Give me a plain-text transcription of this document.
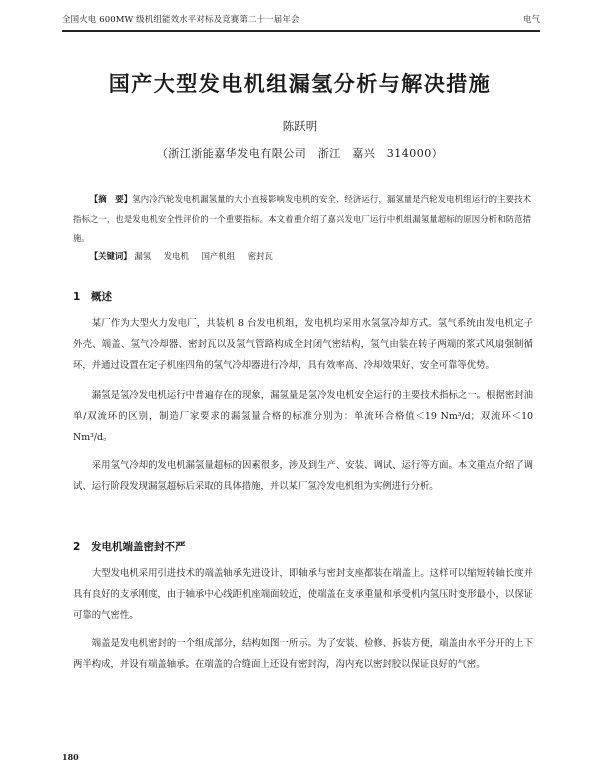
全国火电 600MW 级机组能效水平对标及竞赛第二十一届年会	电气
国产大型发电机组漏氢分析与解决措施
陈跃明
（浙江浙能嘉华发电有限公司　浙江　嘉兴　314000）
【摘　要】氢内冷汽轮发电机漏氢量的大小直接影响发电机的安全、经济运行，漏氢量是汽轮发电机组运行的主要技术指标之一，也是发电机安全性评价的一个重要指标。本文着重介绍了嘉兴发电厂运行中机组漏氢量超标的原因分析和防范措施。
【关键词】 漏氢 发电机 国产机组 密封瓦
1 概述
某厂作为大型火力发电厂，共装机 8 台发电机组，发电机均采用水氢氢冷却方式。氢气系统由发电机定子外壳、端盖、氢气冷却器、密封瓦以及氢气管路构成全封闭气密结构，氢气由装在转子两端的浆式风扇强制循环，并通过设置在定子机座四角的氢气冷却器进行冷却，具有效率高、冷却效果好、安全可靠等优势。
漏氢是氢冷发电机运行中普遍存在的现象，漏氢量是氢冷发电机安全运行的主要技术指标之一。根据密封油单/双流环的区别，制造厂家要求的漏氢量合格的标准分别为：单流环合格值＜19 Nm³/d；双流环＜10 Nm³/d。
采用氢气冷却的发电机漏氢量超标的因素很多，涉及到生产、安装、调试、运行等方面。本文重点介绍了调试、运行阶段发现漏氢超标后采取的具体措施，并以某厂氢冷发电机组为实例进行分析。
2 发电机端盖密封不严
大型发电机采用引进技术的端盖轴承先进设计，即轴承与密封支座都装在端盖上。这样可以缩短转轴长度并具有良好的支承刚度，由于轴承中心线距机座端面较近，使端盖在支承重量和承受机内氢压时变形最小，以保证可靠的气密性。
端盖是发电机密封的一个组成部分，结构如图一所示。为了安装、检修、拆装方便，端盖由水平分开的上下两半构成，并设有端盖轴承。在端盖的合缝面上还设有密封沟，沟内充以密封胶以保证良好的气密。
180
